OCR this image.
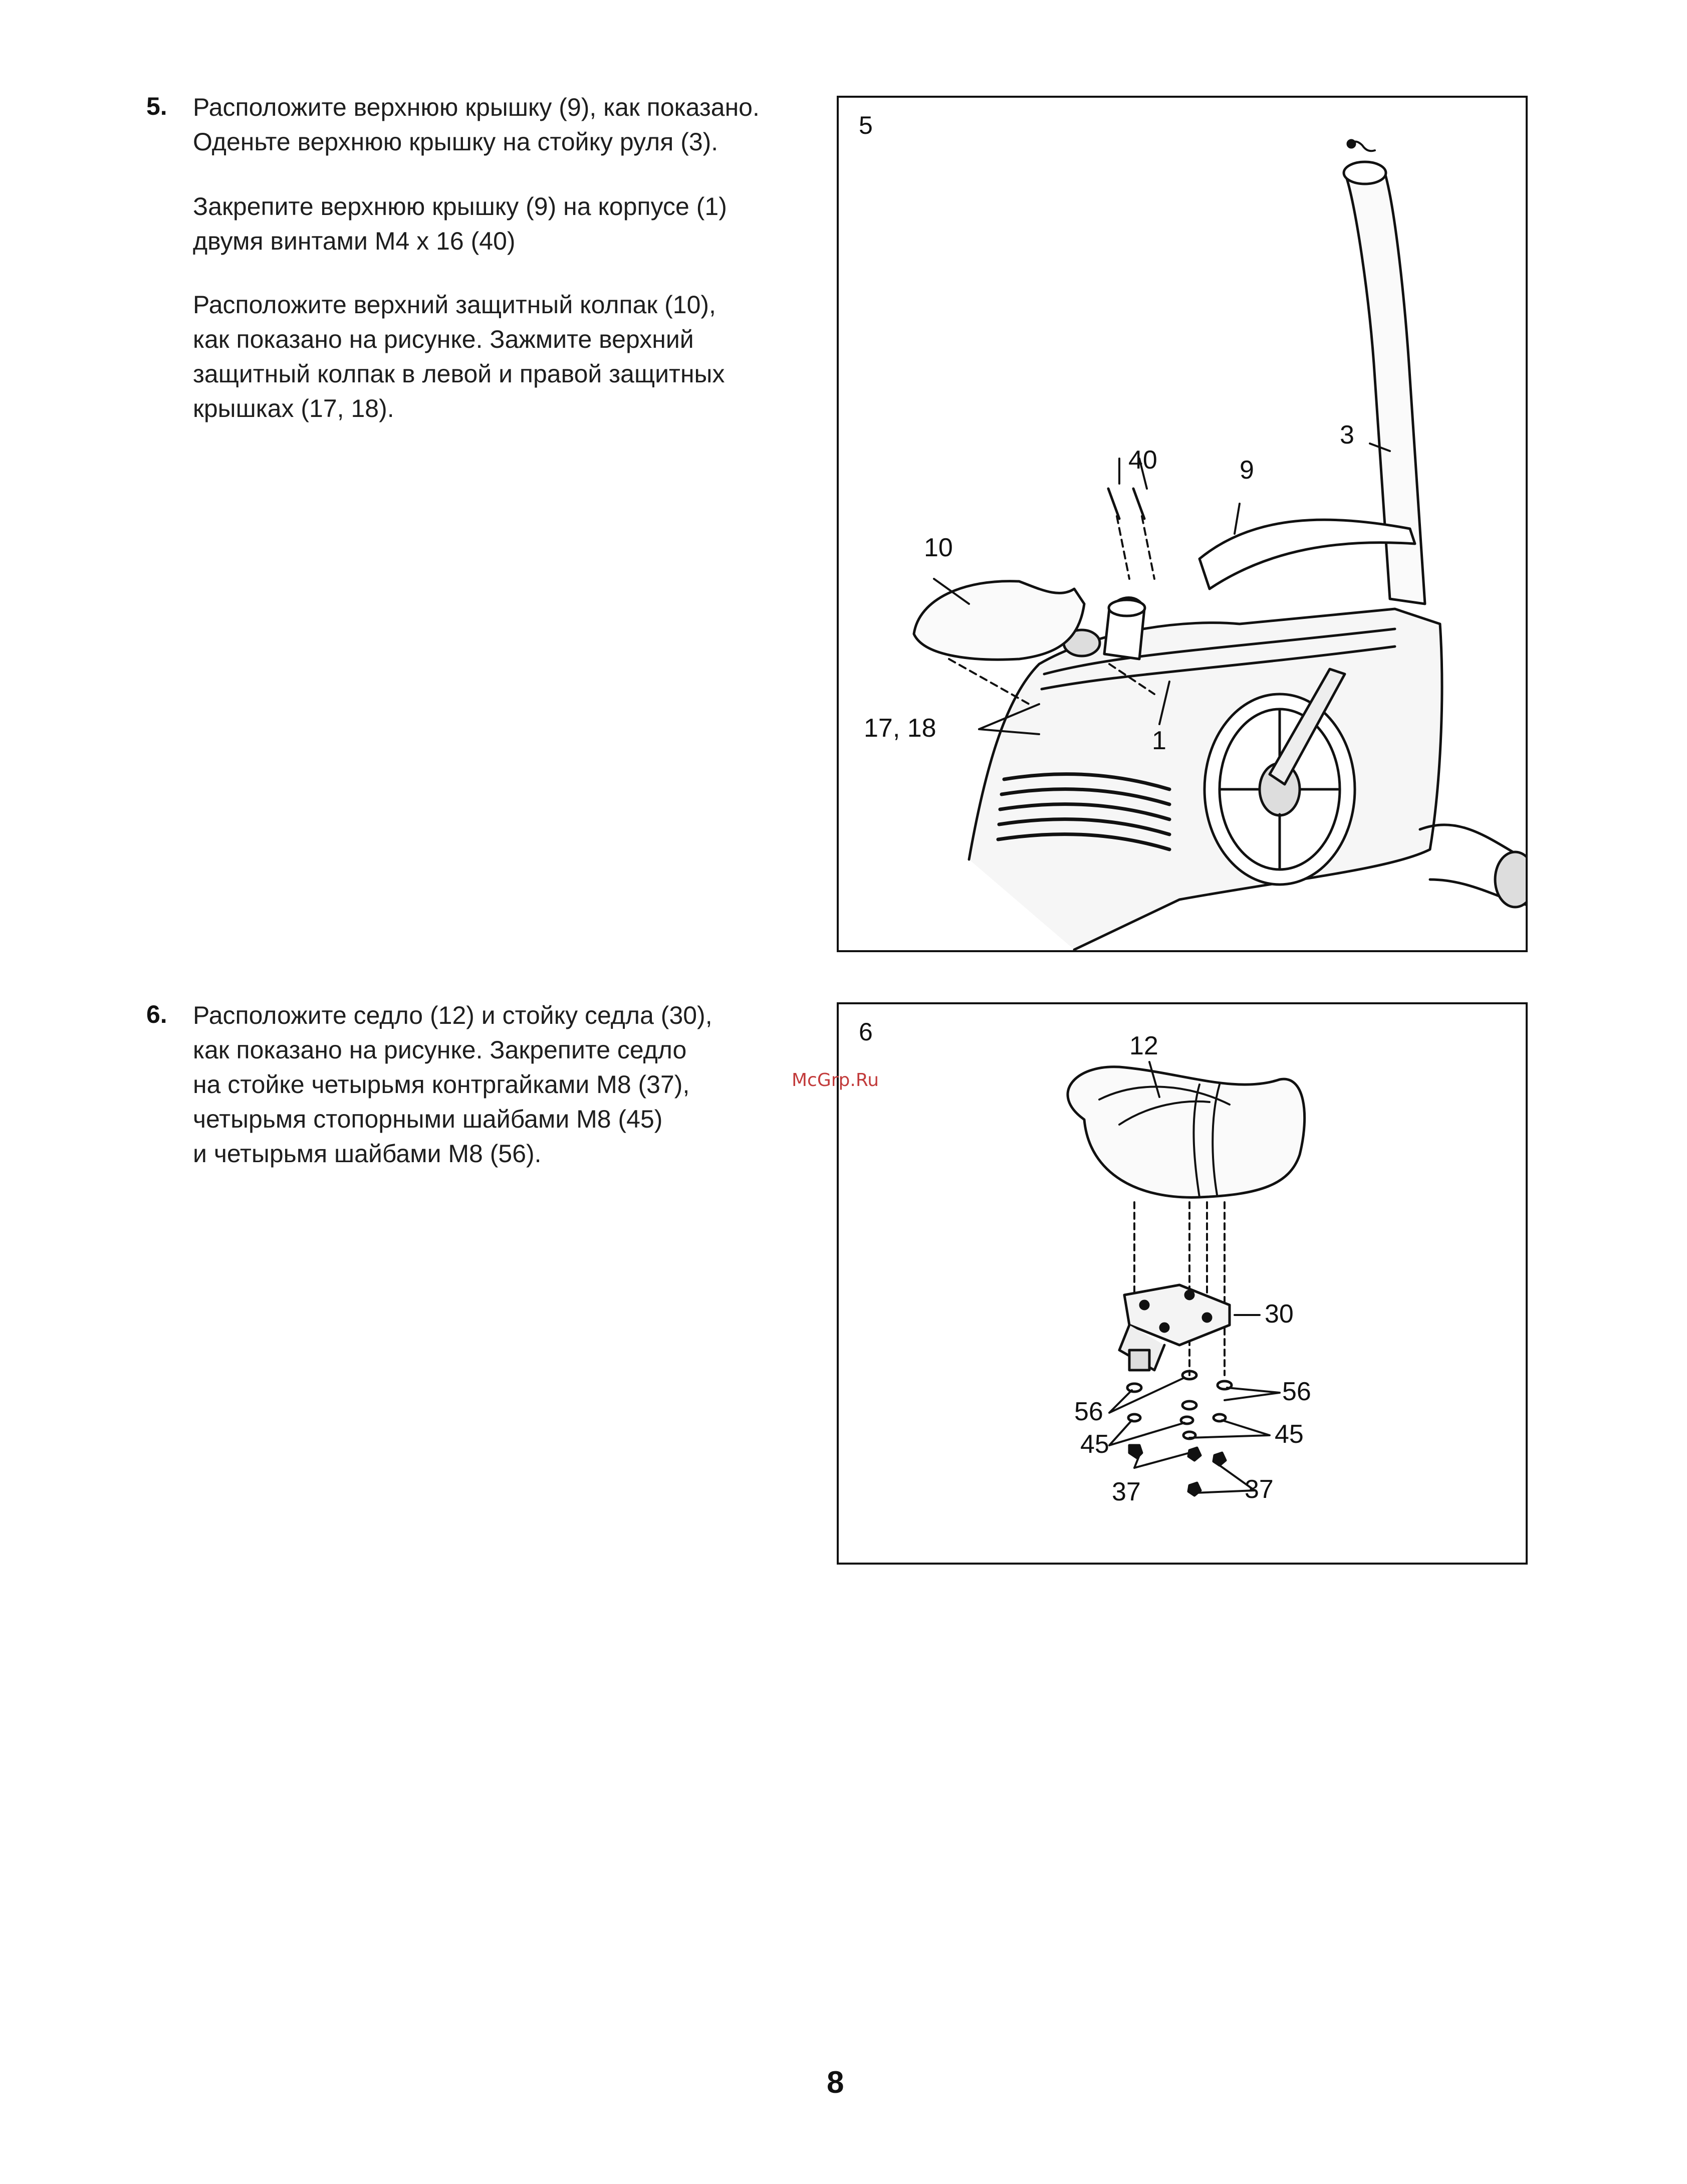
5. Расположите верхнюю крышку (9), как показано.
Оденьте верхнюю крышку на стойку руля (3).

Закрепите верхнюю крышку (9) на корпусе (1)
двумя винтами M4 x 16 (40)

Расположите верхний защитный колпак (10),
как показано на рисунке. Зажмите верхний
защитный колпак в левой и правой защитных
крышках (17, 18).

5
3
40	9
10
17, 18	1
6. Расположите седло (12) и стойку седла (30),
как показано на рисунке. Закрепите седло
на стойке четырьмя контргайками M8 (37),
четырьмя стопорными шайбами M8 (45)
и четырьмя шайбами M8 (56).

6	12
30
56
56
45	45
37	37
McGrp.Ru
8
